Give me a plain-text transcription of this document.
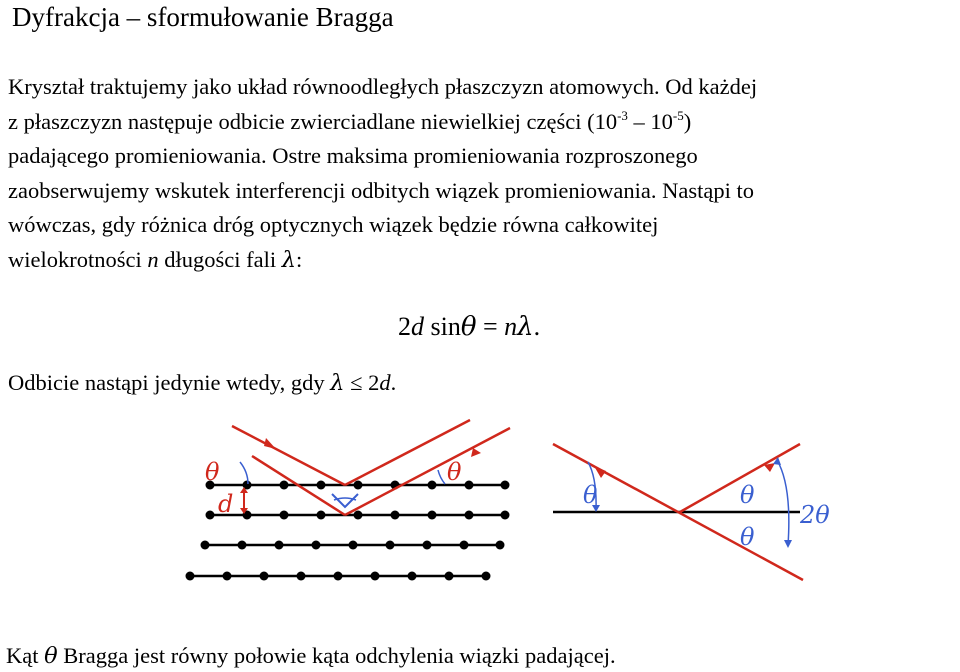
Dyfrakcja – sformułowanie Bragga
Kryształ traktujemy jako układ równoodległych płaszczyzn atomowych. Od każdej
z płaszczyzn następuje odbicie zwierciadlane niewielkiej części $(10^{-3} - 10^{-5})$
padającego promieniowania. Ostre maksima promieniowania rozproszonego
zaobserwujemy wskutek interferencji odbitych wiązek promieniowania. Nastąpi to
wówczas, gdy różnica dróg optycznych wiązek będzie równa całkowitej
wielokrotności n długości fali λ:
2d sinθ = nλ.
Odbicie nastąpi jedynie wtedy, gdy λ ≤ 2d.
θ	θ
d	θ	θ
θ
2θ
Kąt θ Bragga jest równy połowie kąta odchylenia wiązki padającej.
